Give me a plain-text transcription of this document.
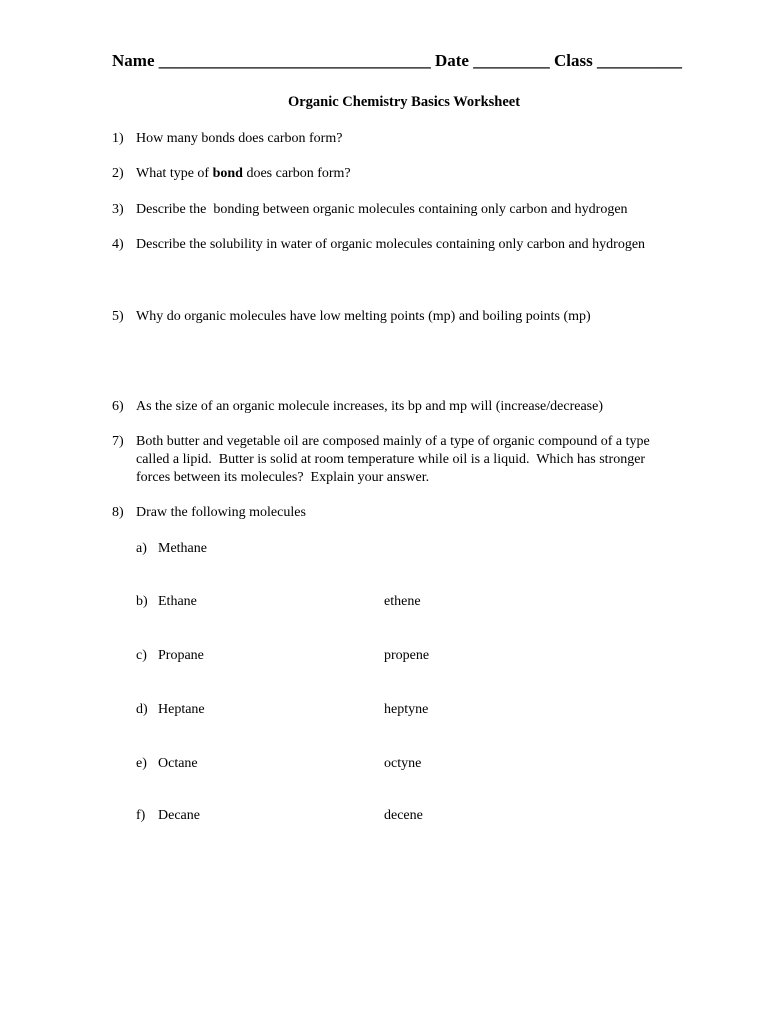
Name ________________________________ Date _________ Class __________
Organic Chemistry Basics Worksheet
1) How many bonds does carbon form?
2) What type of bond does carbon form?
3) Describe the  bonding between organic molecules containing only carbon and hydrogen
4) Describe the solubility in water of organic molecules containing only carbon and hydrogen
5) Why do organic molecules have low melting points (mp) and boiling points (mp)
6) As the size of an organic molecule increases, its bp and mp will (increase/decrease)
7) Both butter and vegetable oil are composed mainly of a type of organic compound of a type
called a lipid.  Butter is solid at room temperature while oil is a liquid.  Which has stronger
forces between its molecules?  Explain your answer.
8) Draw the following molecules
a) Methane
b) Ethane	ethene
c) Propane	propene
d) Heptane	heptyne
e) Octane	octyne
f) Decane	decene
